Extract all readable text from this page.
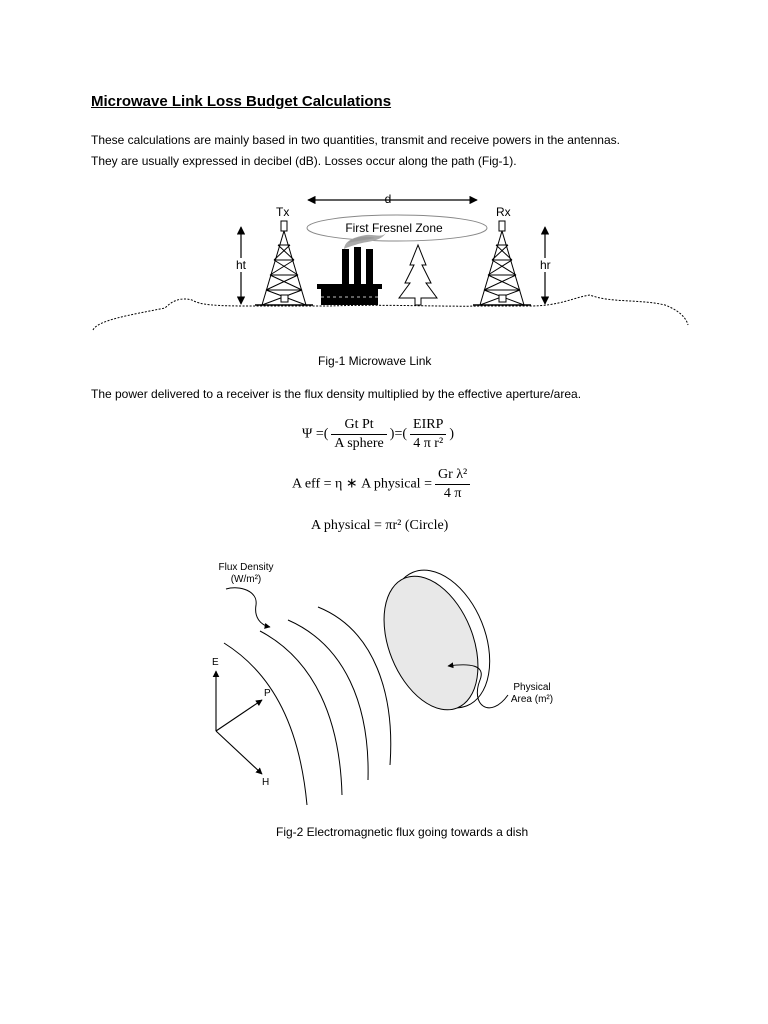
Microwave Link Loss Budget Calculations
These calculations are mainly based in two quantities, transmit and receive powers in the antennas.
They are usually expressed in decibel (dB). Losses occur along the path (Fig-1).
d
Tx	Rx
First Fresnel Zone
ht	hr
Fig-1 Microwave Link
The power delivered to a receiver is the flux density multiplied by the effective aperture/area.
Ψ =( $\frac{\text{Gt Pt}}{\text{A sphere}}$ )=( $\frac{\text{EIRP}}{\text{4 π r²}}$ )
A eff = η ∗ A physical = $\frac{\text{Gr λ²}}{4 \pi}$
A physical = πr² (Circle)
Flux Density
(W/m²)
Physical
Area (m²)
E
P
H
Fig-2 Electromagnetic flux going towards a dish
